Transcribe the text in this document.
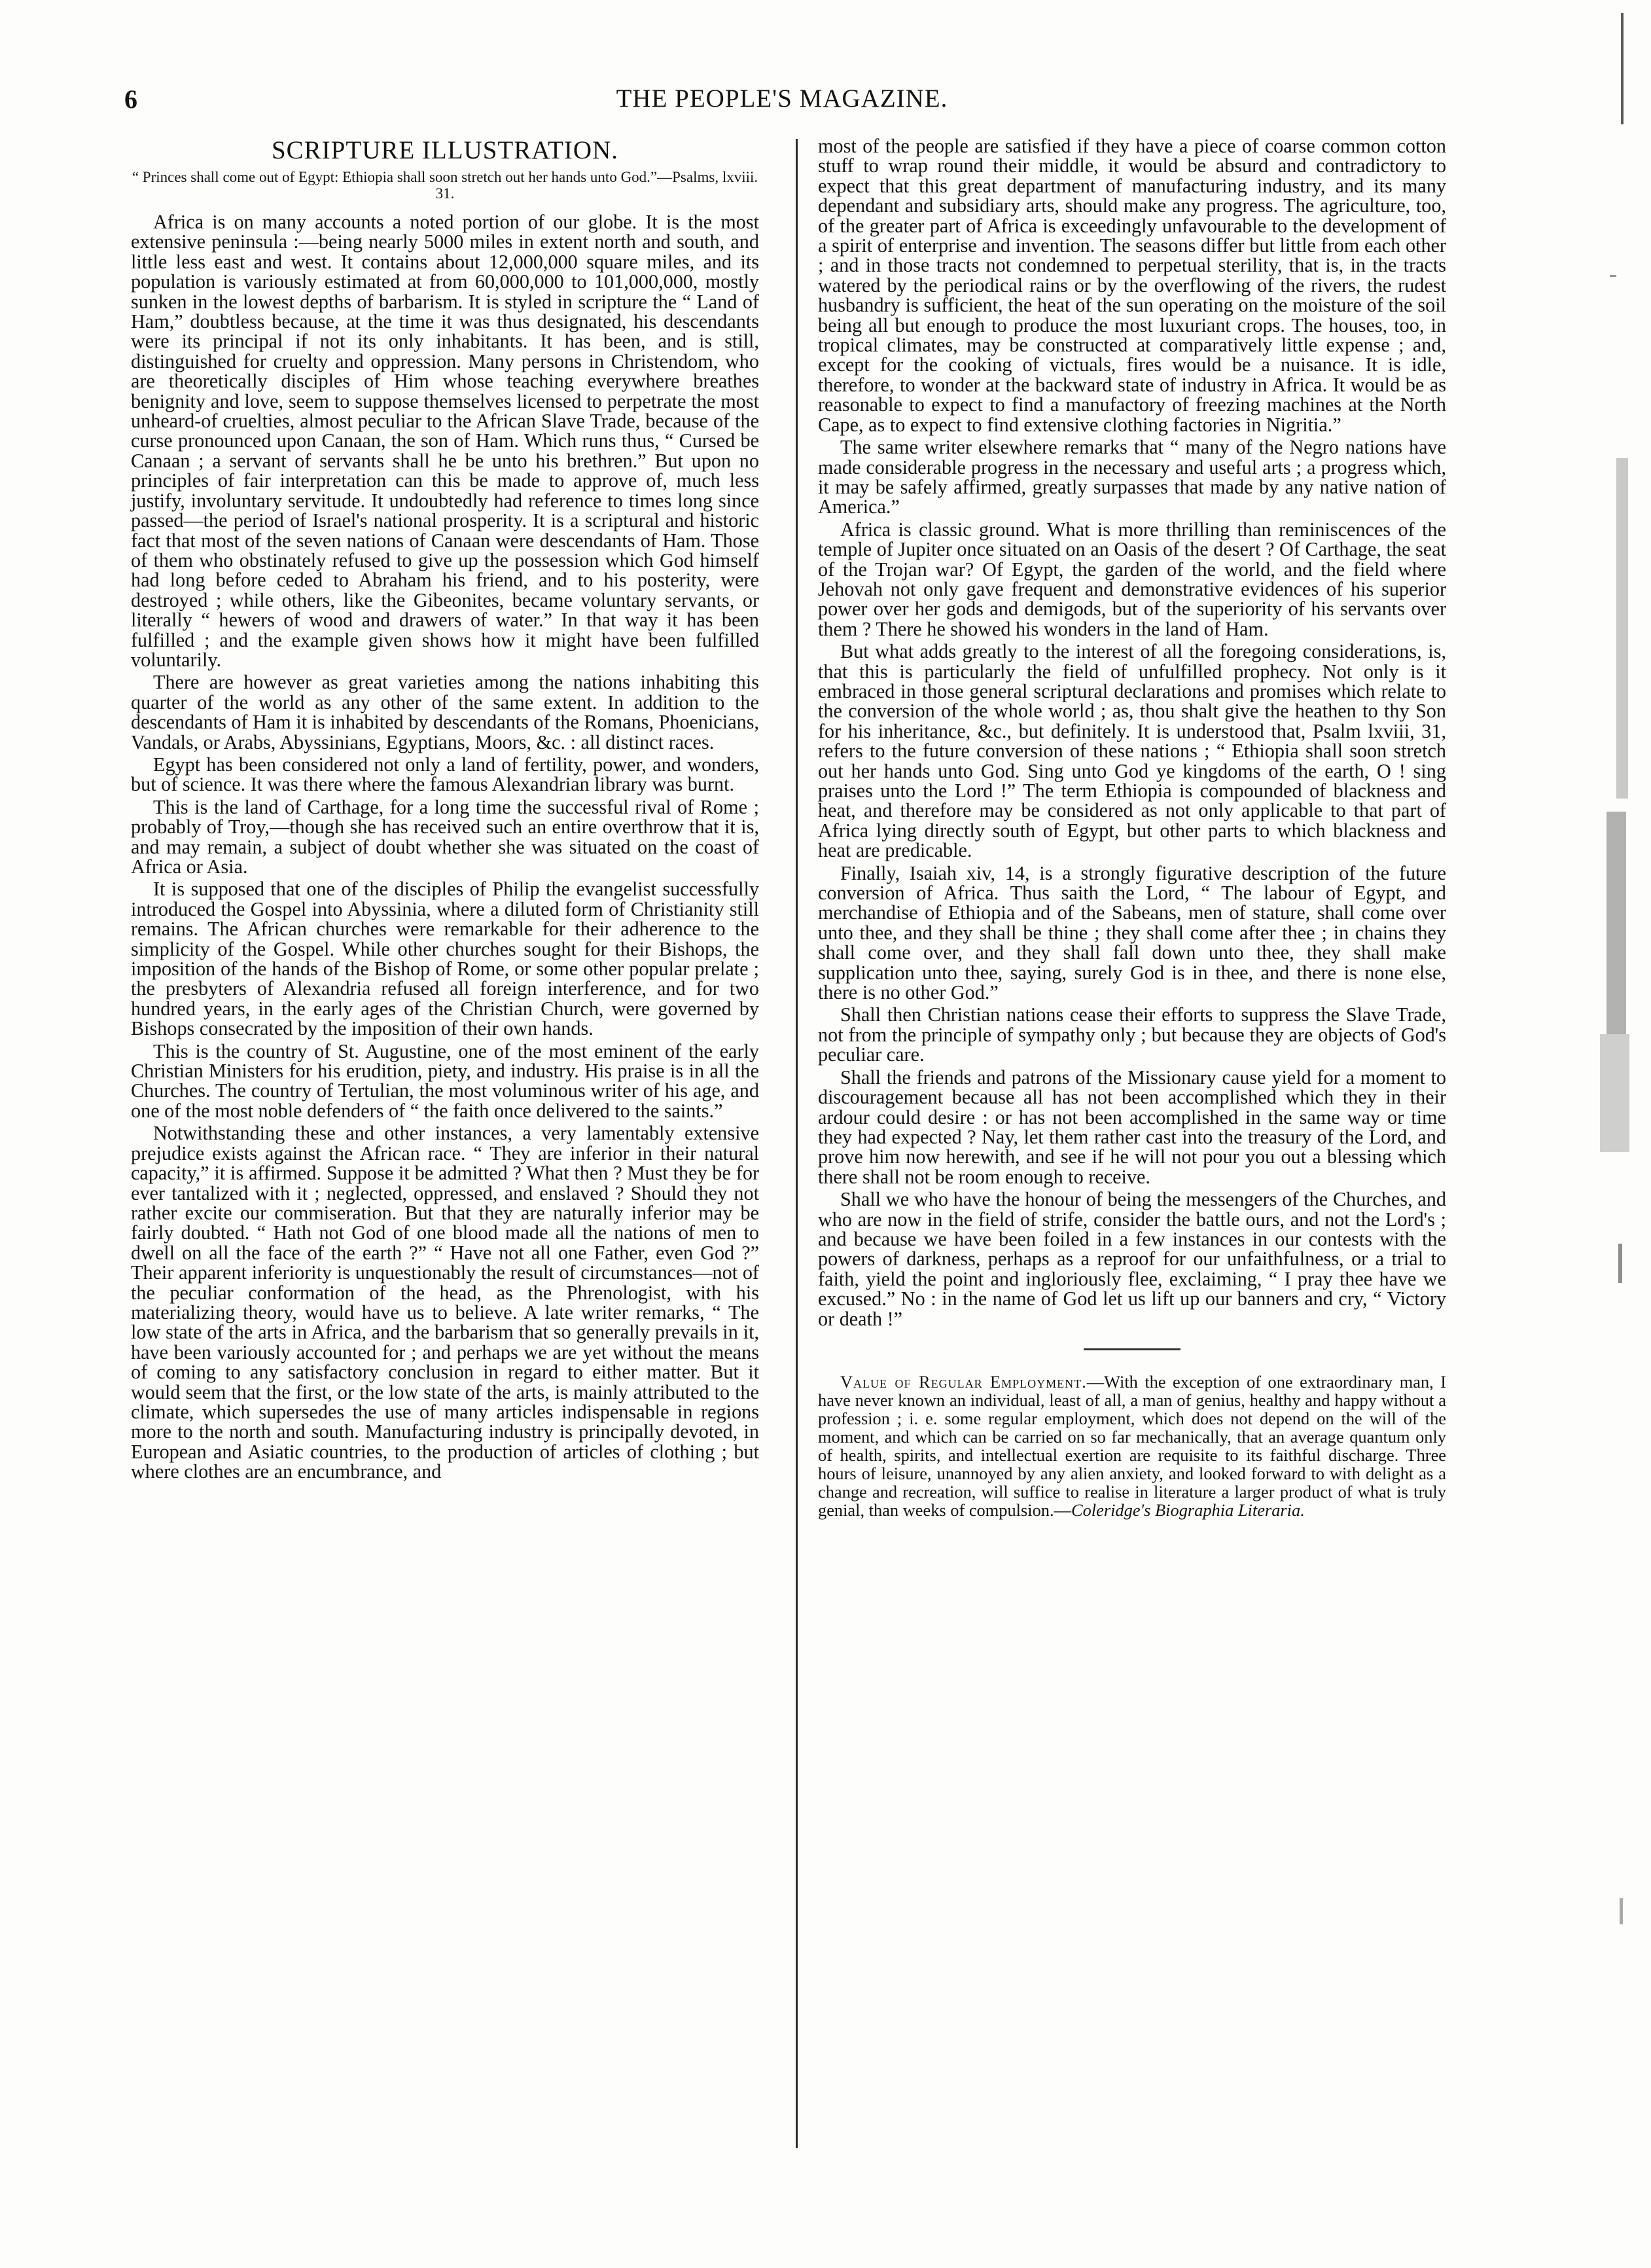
6	THE PEOPLE'S MAGAZINE.
SCRIPTURE ILLUSTRATION.
“ Princes shall come out of Egypt: Ethiopia shall soon stretch out her hands unto God.”—Psalms, lxviii. 31.

Africa is on many accounts a noted portion of our globe. It is the most extensive peninsula :—being nearly 5000 miles in extent north and south, and little less east and west. It contains about 12,000,000 square miles, and its population is variously estimated at from 60,000,000 to 101,000,000, mostly sunken in the lowest depths of barbarism. It is styled in scripture the “ Land of Ham,” doubtless because, at the time it was thus designated, his descendants were its principal if not its only inhabitants. It has been, and is still, distinguished for cruelty and oppression. Many persons in Christendom, who are theoretically disciples of Him whose teaching everywhere breathes benignity and love, seem to suppose themselves licensed to perpetrate the most unheard-of cruelties, almost peculiar to the African Slave Trade, because of the curse pronounced upon Canaan, the son of Ham. Which runs thus, “ Cursed be Canaan ; a servant of servants shall he be unto his brethren.” But upon no principles of fair interpretation can this be made to approve of, much less justify, involuntary servitude. It undoubtedly had reference to times long since passed—the period of Israel's national prosperity. It is a scriptural and historic fact that most of the seven nations of Canaan were descendants of Ham. Those of them who obstinately refused to give up the possession which God himself had long before ceded to Abraham his friend, and to his posterity, were destroyed ; while others, like the Gibeonites, became voluntary servants, or literally “ hewers of wood and drawers of water.” In that way it has been fulfilled ; and the example given shows how it might have been fulfilled voluntarily.

There are however as great varieties among the nations inhabiting this quarter of the world as any other of the same extent. In addition to the descendants of Ham it is inhabited by descendants of the Romans, Phoenicians, Vandals, or Arabs, Abyssinians, Egyptians, Moors, &c. : all distinct races.

Egypt has been considered not only a land of fertility, power, and wonders, but of science. It was there where the famous Alexandrian library was burnt.

This is the land of Carthage, for a long time the successful rival of Rome ; probably of Troy,—though she has received such an entire overthrow that it is, and may remain, a subject of doubt whether she was situated on the coast of Africa or Asia.

It is supposed that one of the disciples of Philip the evangelist successfully introduced the Gospel into Abyssinia, where a diluted form of Christianity still remains. The African churches were remarkable for their adherence to the simplicity of the Gospel. While other churches sought for their Bishops, the imposition of the hands of the Bishop of Rome, or some other popular prelate ; the presbyters of Alexandria refused all foreign interference, and for two hundred years, in the early ages of the Christian Church, were governed by Bishops consecrated by the imposition of their own hands.

This is the country of St. Augustine, one of the most eminent of the early Christian Ministers for his erudition, piety, and industry. His praise is in all the Churches. The country of Tertulian, the most voluminous writer of his age, and one of the most noble defenders of “ the faith once delivered to the saints.”

Notwithstanding these and other instances, a very lamentably extensive prejudice exists against the African race. “ They are inferior in their natural capacity,” it is affirmed. Suppose it be admitted ? What then ? Must they be for ever tantalized with it ; neglected, oppressed, and enslaved ? Should they not rather excite our commiseration. But that they are naturally inferior may be fairly doubted. “ Hath not God of one blood made all the nations of men to dwell on all the face of the earth ?” “ Have not all one Father, even God ?” Their apparent inferiority is unquestionably the result of circumstances—not of the peculiar conformation of the head, as the Phrenologist, with his materializing theory, would have us to believe. A late writer remarks, “ The low state of the arts in Africa, and the barbarism that so generally prevails in it, have been variously accounted for ; and perhaps we are yet without the means of coming to any satisfactory conclusion in regard to either matter. But it would seem that the first, or the low state of the arts, is mainly attributed to the climate, which supersedes the use of many articles indispensable in regions more to the north and south. Manufacturing industry is principally devoted, in European and Asiatic countries, to the production of articles of clothing ; but where clothes are an encumbrance, and

most of the people are satisfied if they have a piece of coarse common cotton stuff to wrap round their middle, it would be absurd and contradictory to expect that this great department of manufacturing industry, and its many dependant and subsidiary arts, should make any progress. The agriculture, too, of the greater part of Africa is exceedingly unfavourable to the development of a spirit of enterprise and invention. The seasons differ but little from each other ; and in those tracts not condemned to perpetual sterility, that is, in the tracts watered by the periodical rains or by the overflowing of the rivers, the rudest husbandry is sufficient, the heat of the sun operating on the moisture of the soil being all but enough to produce the most luxuriant crops. The houses, too, in tropical climates, may be constructed at comparatively little expense ; and, except for the cooking of victuals, fires would be a nuisance. It is idle, therefore, to wonder at the backward state of industry in Africa. It would be as reasonable to expect to find a manufactory of freezing machines at the North Cape, as to expect to find extensive clothing factories in Nigritia.”

The same writer elsewhere remarks that “ many of the Negro nations have made considerable progress in the necessary and useful arts ; a progress which, it may be safely affirmed, greatly surpasses that made by any native nation of America.”

Africa is classic ground. What is more thrilling than reminiscences of the temple of Jupiter once situated on an Oasis of the desert ? Of Carthage, the seat of the Trojan war? Of Egypt, the garden of the world, and the field where Jehovah not only gave frequent and demonstrative evidences of his superior power over her gods and demigods, but of the superiority of his servants over them ? There he showed his wonders in the land of Ham.

But what adds greatly to the interest of all the foregoing considerations, is, that this is particularly the field of unfulfilled prophecy. Not only is it embraced in those general scriptural declarations and promises which relate to the conversion of the whole world ; as, thou shalt give the heathen to thy Son for his inheritance, &c., but definitely. It is understood that, Psalm lxviii, 31, refers to the future conversion of these nations ; “ Ethiopia shall soon stretch out her hands unto God. Sing unto God ye kingdoms of the earth, O ! sing praises unto the Lord !” The term Ethiopia is compounded of blackness and heat, and therefore may be considered as not only applicable to that part of Africa lying directly south of Egypt, but other parts to which blackness and heat are predicable.

Finally, Isaiah xiv, 14, is a strongly figurative description of the future conversion of Africa. Thus saith the Lord, “ The labour of Egypt, and merchandise of Ethiopia and of the Sabeans, men of stature, shall come over unto thee, and they shall be thine ; they shall come after thee ; in chains they shall come over, and they shall fall down unto thee, they shall make supplication unto thee, saying, surely God is in thee, and there is none else, there is no other God.”

Shall then Christian nations cease their efforts to suppress the Slave Trade, not from the principle of sympathy only ; but because they are objects of God's peculiar care.

Shall the friends and patrons of the Missionary cause yield for a moment to discouragement because all has not been accomplished which they in their ardour could desire : or has not been accomplished in the same way or time they had expected ? Nay, let them rather cast into the treasury of the Lord, and prove him now herewith, and see if he will not pour you out a blessing which there shall not be room enough to receive.

Shall we who have the honour of being the messengers of the Churches, and who are now in the field of strife, consider the battle ours, and not the Lord's ; and because we have been foiled in a few instances in our contests with the powers of darkness, perhaps as a reproof for our unfaithfulness, or a trial to faith, yield the point and ingloriously flee, exclaiming, “ I pray thee have we excused.” No : in the name of God let us lift up our banners and cry, “ Victory or death !”

Value of Regular Employment.—With the exception of one extraordinary man, I have never known an individual, least of all, a man of genius, healthy and happy without a profession ; i. e. some regular employment, which does not depend on the will of the moment, and which can be carried on so far mechanically, that an average quantum only of health, spirits, and intellectual exertion are requisite to its faithful discharge. Three hours of leisure, unannoyed by any alien anxiety, and looked forward to with delight as a change and recreation, will suffice to realise in literature a larger product of what is truly genial, than weeks of compulsion.—Coleridge's Biographia Literaria.
